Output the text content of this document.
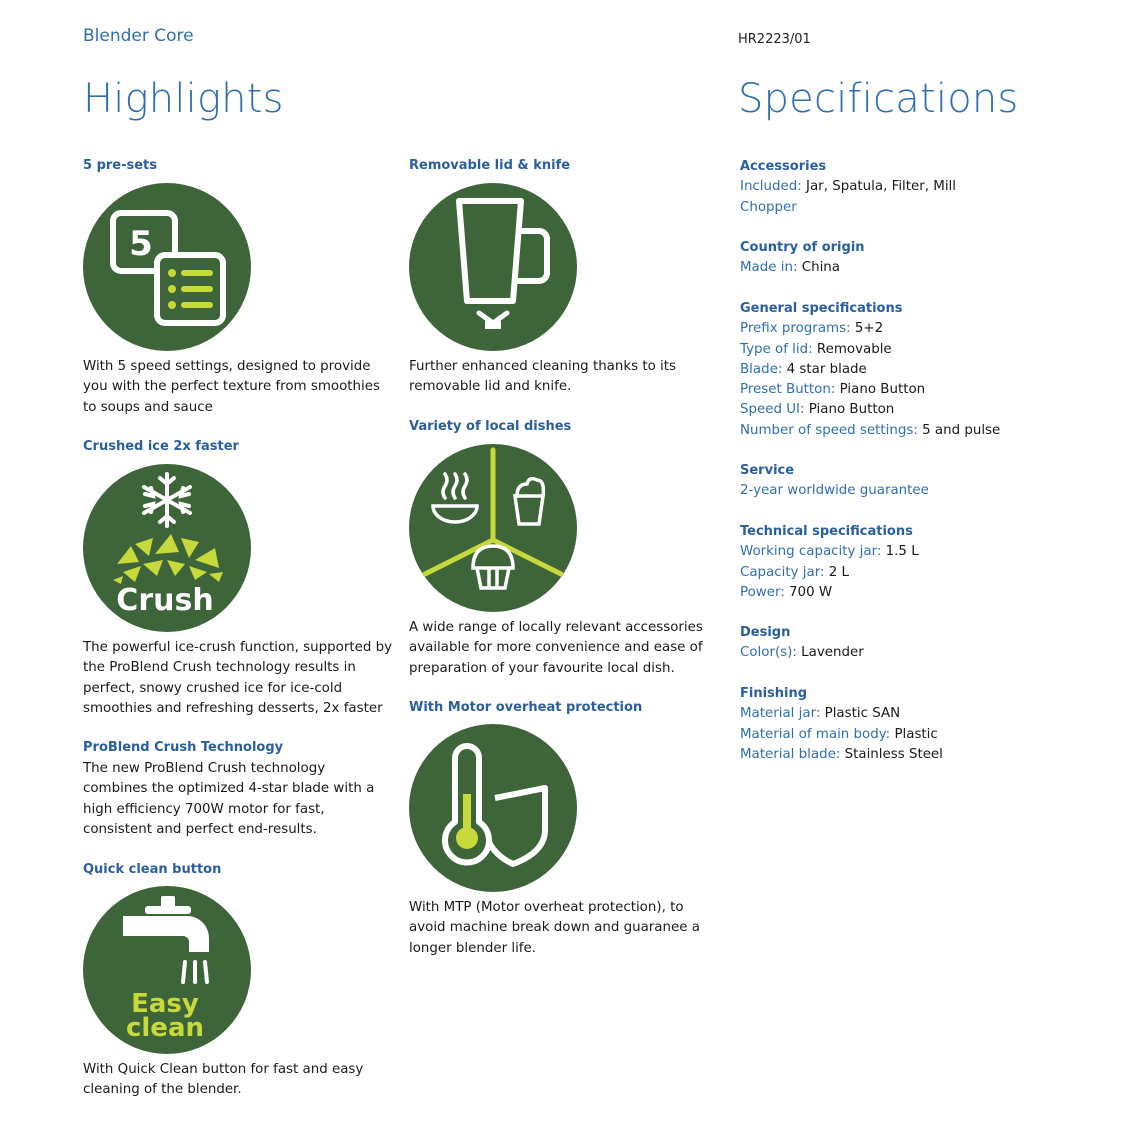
Blender Core	HR2223/01
Highlights	Specifications
5 pre-sets
5
With 5 speed settings, designed to provide you with the perfect texture from smoothies to soups and sauce
Crushed ice 2x faster
Crush
The powerful ice-crush function, supported by the ProBlend Crush technology results in perfect, snowy crushed ice for ice-cold smoothies and refreshing desserts, 2x faster
ProBlend Crush Technology
The new ProBlend Crush technology combines the optimized 4-star blade with a high efficiency 700W motor for fast, consistent and perfect end-results.
Quick clean button
Easy
clean
With Quick Clean button for fast and easy cleaning of the blender.
Removable lid & knife
Further enhanced cleaning thanks to its removable lid and knife.
Variety of local dishes
A wide range of locally relevant accessories available for more convenience and ease of preparation of your favourite local dish.
With Motor overheat protection
With MTP (Motor overheat protection), to avoid machine break down and guaranee a longer blender life.
Accessories
Included: Jar, Spatula, Filter, Mill
Chopper
Country of origin
Made in: China
General specifications
Prefix programs: 5+2
Type of lid: Removable
Blade: 4 star blade
Preset Button: Piano Button
Speed UI: Piano Button
Number of speed settings: 5 and pulse
Service
2-year worldwide guarantee
Technical specifications
Working capacity jar: 1.5 L
Capacity jar: 2 L
Power: 700 W
Design
Color(s): Lavender
Finishing
Material jar: Plastic SAN
Material of main body: Plastic
Material blade: Stainless Steel
